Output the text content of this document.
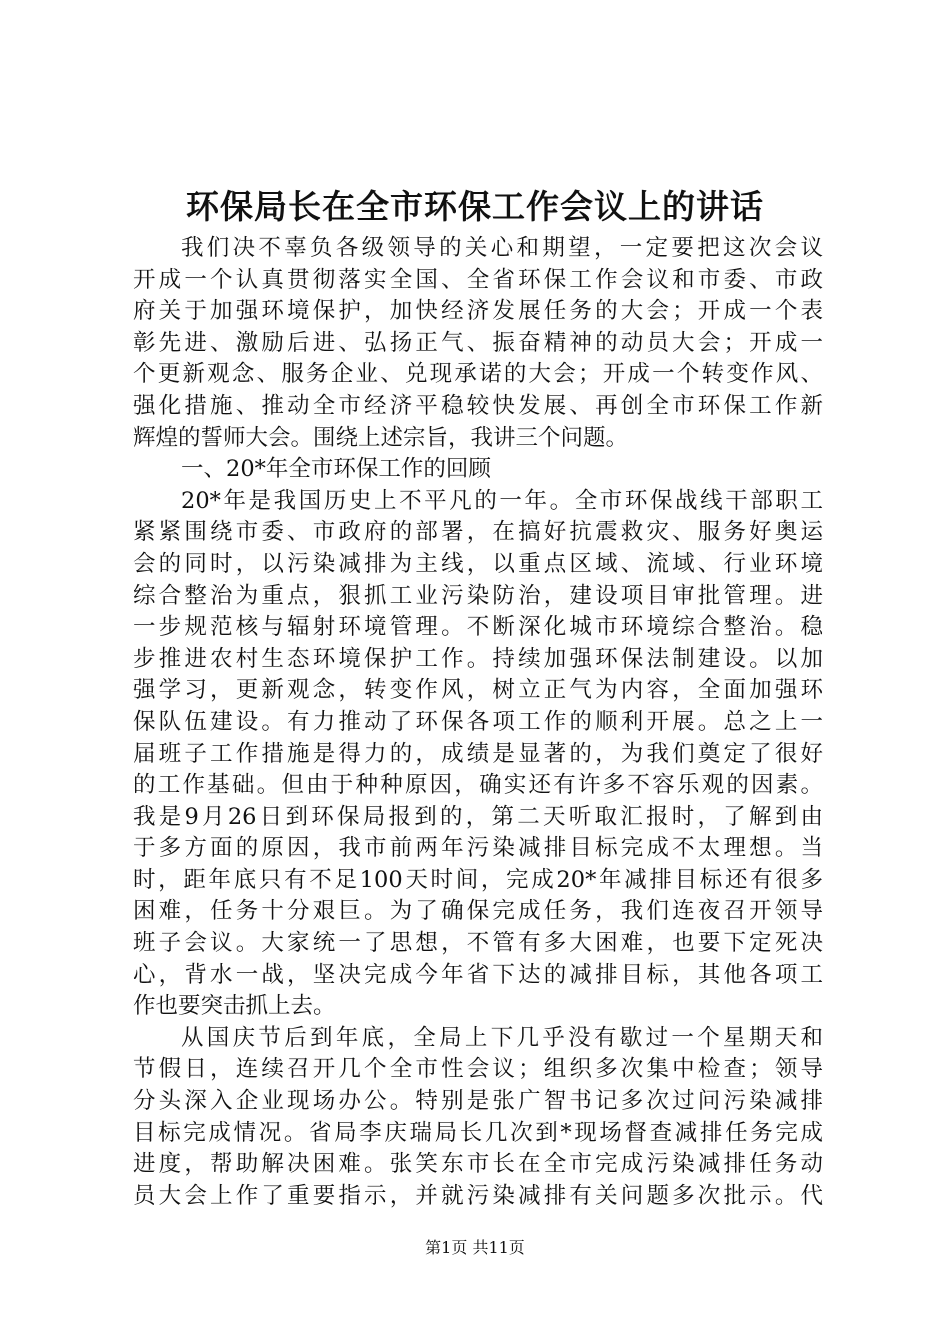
环保局长在全市环保工作会议上的讲话
我们决不辜负各级领导的关心和期望，一定要把这次会议
开成一个认真贯彻落实全国、全省环保工作会议和市委、市政
府关于加强环境保护，加快经济发展任务的大会；开成一个表
彰先进、激励后进、弘扬正气、振奋精神的动员大会；开成一
个更新观念、服务企业、兑现承诺的大会；开成一个转变作风、
强化措施、推动全市经济平稳较快发展、再创全市环保工作新
辉煌的誓师大会。围绕上述宗旨，我讲三个问题。
一、20*年全市环保工作的回顾
20*年是我国历史上不平凡的一年。全市环保战线干部职工
紧紧围绕市委、市政府的部署，在搞好抗震救灾、服务好奥运
会的同时，以污染减排为主线，以重点区域、流域、行业环境
综合整治为重点，狠抓工业污染防治，建设项目审批管理。进
一步规范核与辐射环境管理。不断深化城市环境综合整治。稳
步推进农村生态环境保护工作。持续加强环保法制建设。以加
强学习，更新观念，转变作风，树立正气为内容，全面加强环
保队伍建设。有力推动了环保各项工作的顺利开展。总之上一
届班子工作措施是得力的，成绩是显著的，为我们奠定了很好
的工作基础。但由于种种原因，确实还有许多不容乐观的因素。
我是9月26日到环保局报到的，第二天听取汇报时，了解到由
于多方面的原因，我市前两年污染减排目标完成不太理想。当
时，距年底只有不足100天时间，完成20*年减排目标还有很多
困难，任务十分艰巨。为了确保完成任务，我们连夜召开领导
班子会议。大家统一了思想，不管有多大困难，也要下定死决
心，背水一战，坚决完成今年省下达的减排目标，其他各项工
作也要突击抓上去。
从国庆节后到年底，全局上下几乎没有歇过一个星期天和
节假日，连续召开几个全市性会议；组织多次集中检查；领导
分头深入企业现场办公。特别是张广智书记多次过问污染减排
目标完成情况。省局李庆瑞局长几次到*现场督查减排任务完成
进度，帮助解决困难。张笑东市长在全市完成污染减排任务动
员大会上作了重要指示，并就污染减排有关问题多次批示。代
第1页 共11页
